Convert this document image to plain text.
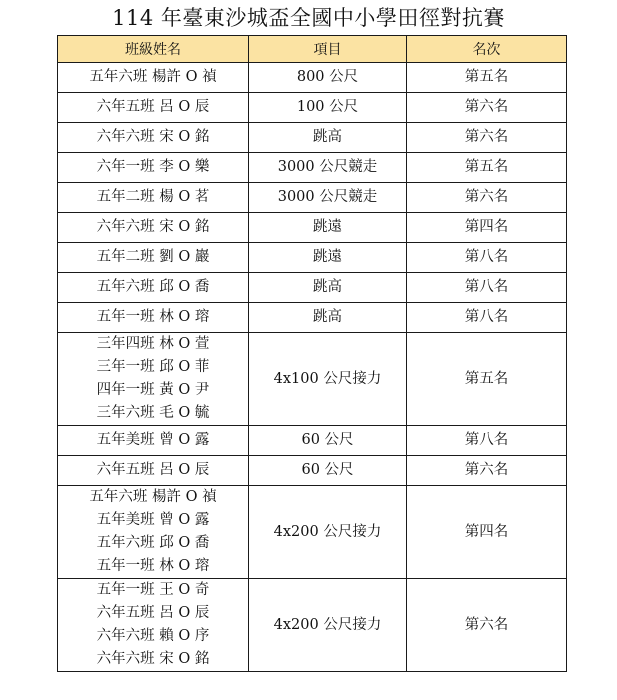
114 年臺東沙城盃全國中小學田徑對抗賽
班級姓名	項目	名次

五年六班 楊許 O 禎	800 公尺	第五名

六年五班 呂 O 辰	100 公尺	第六名

六年六班 宋 O 銘	跳高	第六名

六年一班 李 O 樂	3000 公尺競走	第五名

五年二班 楊 O 茗	3000 公尺競走	第六名

六年六班 宋 O 銘	跳遠	第四名

五年二班 劉 O 巖	跳遠	第八名

五年六班 邱 O 喬	跳高	第八名

五年一班 林 O 瑢	跳高	第八名

三年四班 林 O 萱
三年一班 邱 O 菲
四年一班 黃 O 尹
三年六班 毛 O 毓	4x100 公尺接力	第五名

五年美班 曾 O 露	60 公尺	第八名

六年五班 呂 O 辰	60 公尺	第六名

五年六班 楊許 O 禎
五年美班 曾 O 露
五年六班 邱 O 喬
五年一班 林 O 瑢	4x200 公尺接力	第四名

五年一班 王 O 奇
六年五班 呂 O 辰
六年六班 賴 O 序
六年六班 宋 O 銘	4x200 公尺接力	第六名
